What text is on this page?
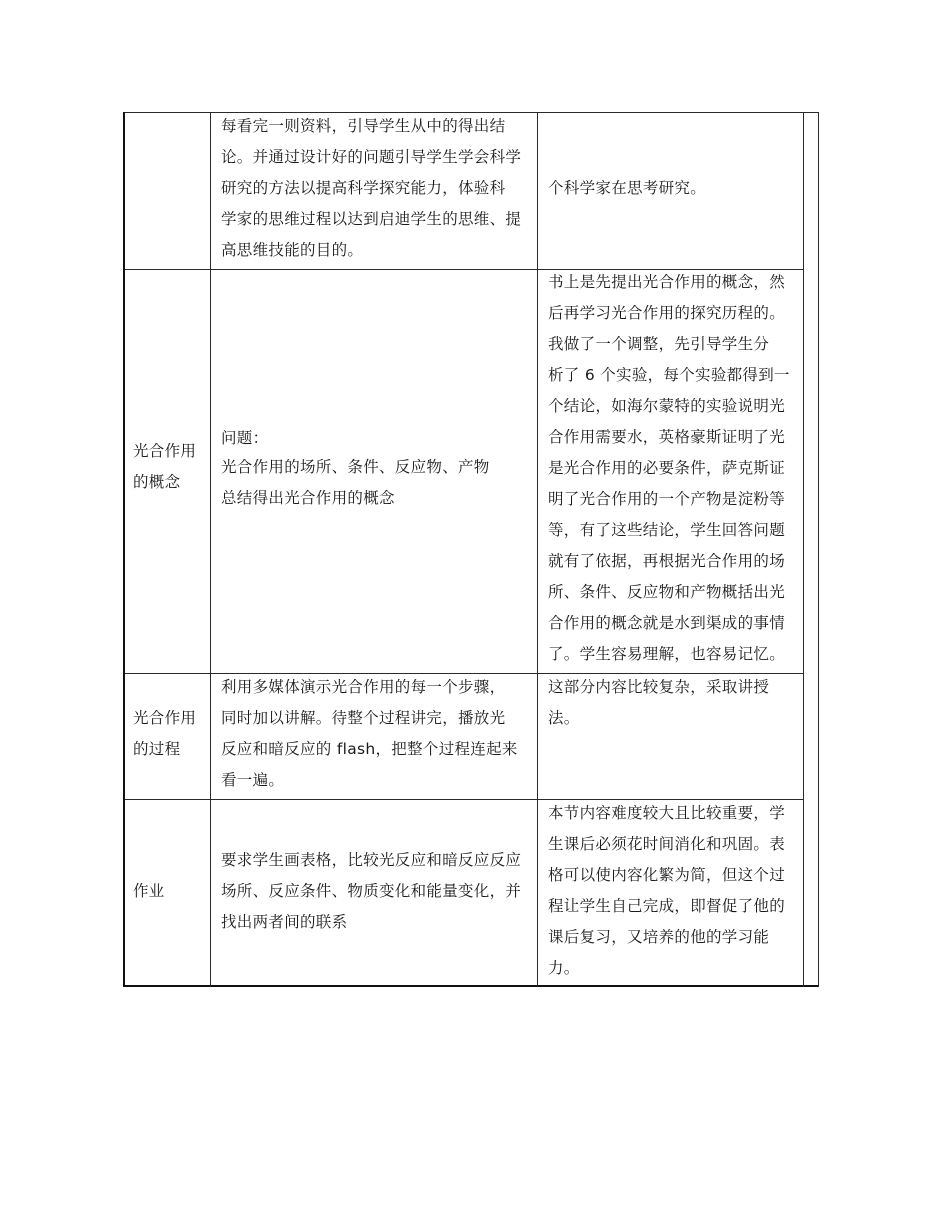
每看完一则资料，引导学生从中的得出结
论。并通过设计好的问题引导学生学会科学
研究的方法以提高科学探究能力，体验科
学家的思维过程以达到启迪学生的思维、提
高思维技能的目的。
个科学家在思考研究。
光合作用
的概念
问题：
光合作用的场所、条件、反应物、产物
总结得出光合作用的概念
书上是先提出光合作用的概念，然
后再学习光合作用的探究历程的。
我做了一个调整，先引导学生分
析了 6 个实验，每个实验都得到一
个结论，如海尔蒙特的实验说明光
合作用需要水，英格豪斯证明了光
是光合作用的必要条件，萨克斯证
明了光合作用的一个产物是淀粉等
等，有了这些结论，学生回答问题
就有了依据，再根据光合作用的场
所、条件、反应物和产物概括出光
合作用的概念就是水到渠成的事情
了。学生容易理解，也容易记忆。
光合作用
的过程
利用多媒体演示光合作用的每一个步骤，
同时加以讲解。待整个过程讲完，播放光
反应和暗反应的 flash，把整个过程连起来
看一遍。
这部分内容比较复杂，采取讲授
法。
作业
要求学生画表格，比较光反应和暗反应反应
场所、反应条件、物质变化和能量变化，并
找出两者间的联系
本节内容难度较大且比较重要，学
生课后必须花时间消化和巩固。表
格可以使内容化繁为简，但这个过
程让学生自己完成，即督促了他的
课后复习，又培养的他的学习能
力。
